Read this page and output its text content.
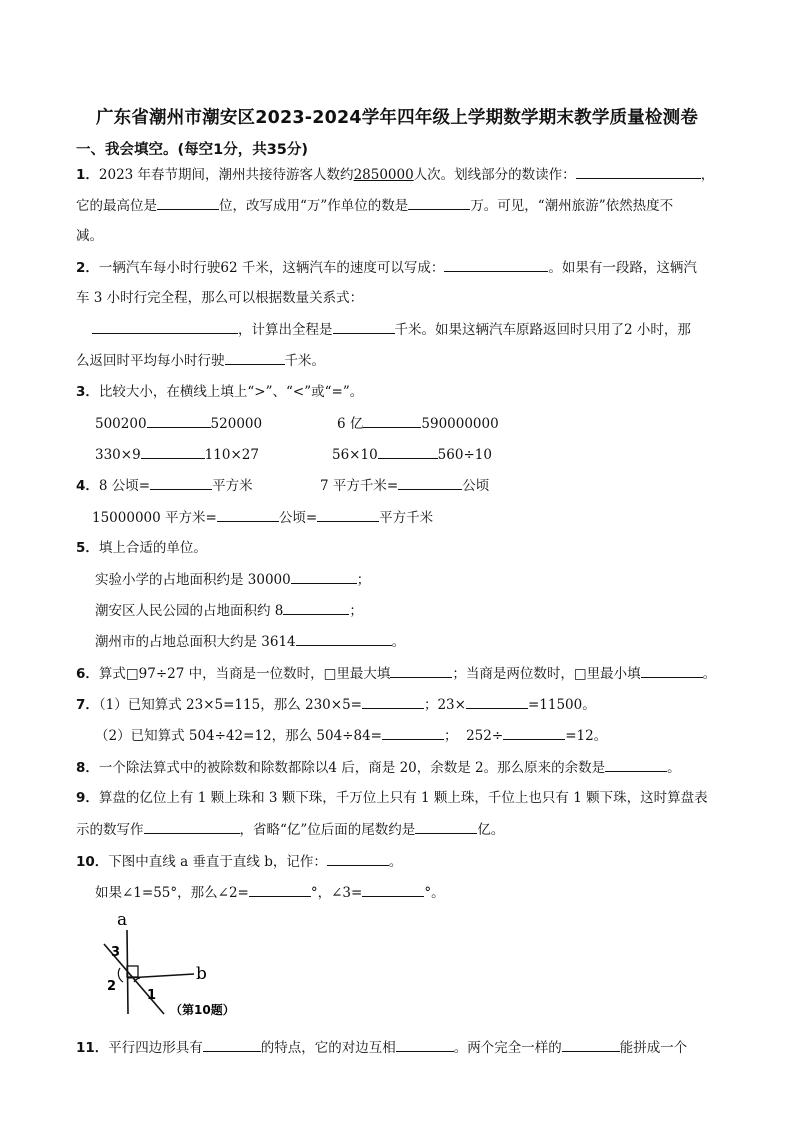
广东省潮州市潮安区2023-2024学年四年级上学期数学期末教学质量检测卷
一、我会填空。(每空1分，共35分)
1．2023 年春节期间，潮州共接待游客人数约2850000人次。划线部分的数读作：	，
它的最高位是	位，改写成用“万”作单位的数是	万。可见，“潮州旅游”依然热度不
减。
2．一辆汽车每小时行驶62 千米，这辆汽车的速度可以写成：	。如果有一段路，这辆汽
车 3 小时行完全程，那么可以根据数量关系式：
，计算出全程是	千米。如果这辆汽车原路返回时只用了2 小时，那
么返回时平均每小时行驶	千米。
3．比较大小，在横线上填上“>”、“<”或“=”。
500200	520000	6 亿	590000000
330×9	110×27	56×10	560÷10
4．8 公顷=	平方米	7 平方千米=	公顷
15000000 平方米=	公顷=	平方千米
5．填上合适的单位。
实验小学的占地面积约是 30000	；
潮安区人民公园的占地面积约 8	；
潮州市的占地总面积大约是 3614	。
6．算式□97÷27 中，当商是一位数时，□里最大填	；当商是两位数时，□里最小填	。
7．（1）已知算式 23×5=115，那么 230×5=	；23×	=11500。
（2）已知算式 504÷42=12，那么 504÷84=	； 252÷	=12。
8．一个除法算式中的被除数和除数都除以4 后，商是 20，余数是 2。那么原来的余数是	。
9．算盘的亿位上有 1 颗上珠和 3 颗下珠，千万位上只有 1 颗上珠，千位上也只有 1 颗下珠，这时算盘表
示的数写作	，省略“亿”位后面的尾数约是	亿。
10．下图中直线 a 垂直于直线 b，记作：	。
如果∠1=55°，那么∠2=	°，∠3=	°。
a
b
3
2
1
（第10题）
11．平行四边形具有	的特点，它的对边互相	。两个完全一样的	能拼成一个
